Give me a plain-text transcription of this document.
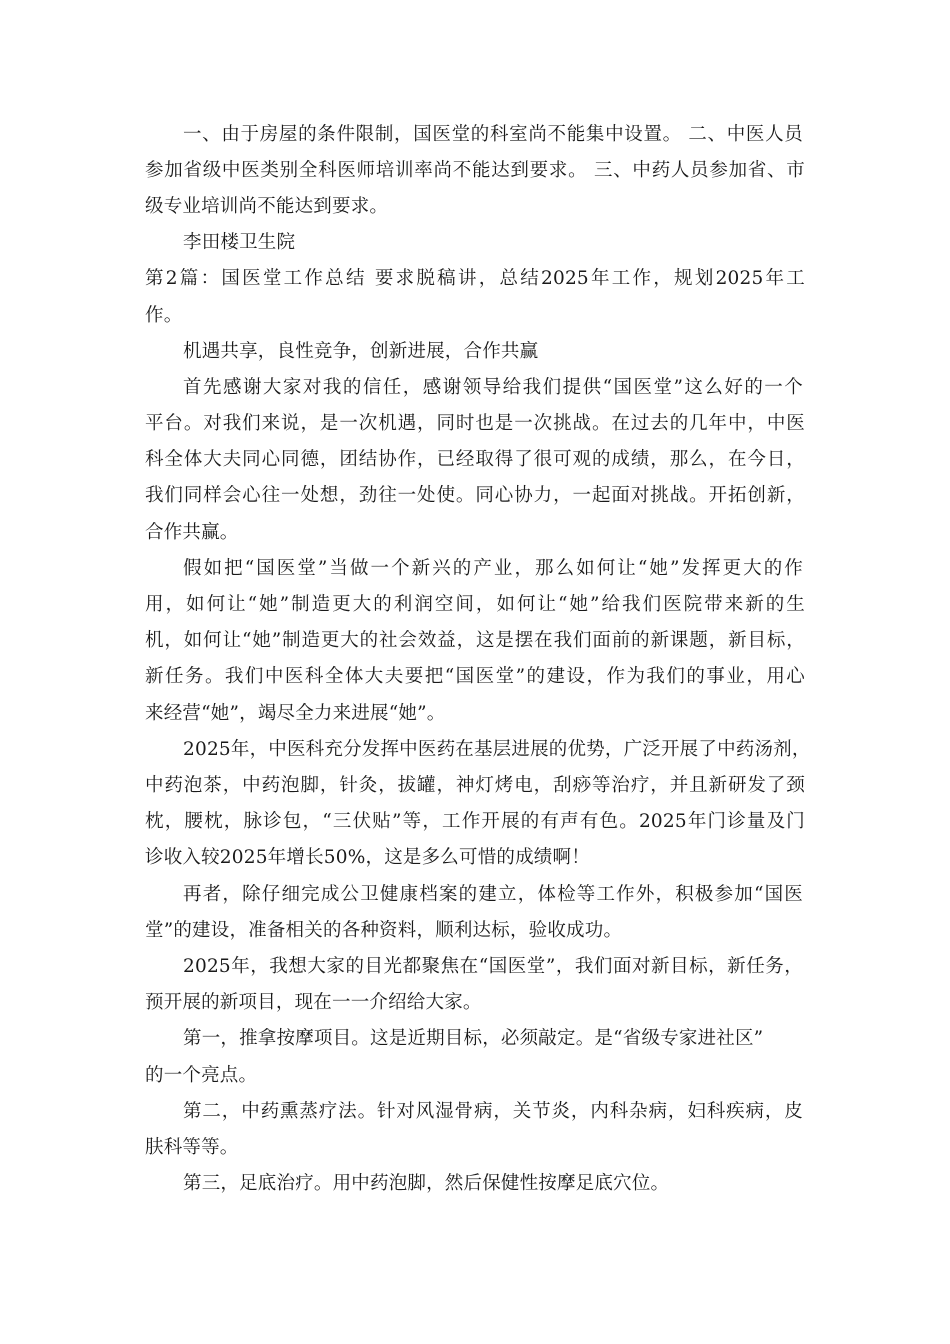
一、由于房屋的条件限制，国医堂的科室尚不能集中设置。 二、中医人员
参加省级中医类别全科医师培训率尚不能达到要求。 三、中药人员参加省、市
级专业培训尚不能达到要求。
李田楼卫生院
第2篇：国医堂工作总结 要求脱稿讲，总结2025年工作，规划2025年工
作。
机遇共享，良性竞争，创新进展，合作共赢
首先感谢大家对我的信任，感谢领导给我们提供“国医堂”这么好的一个
平台。对我们来说，是一次机遇，同时也是一次挑战。在过去的几年中，中医
科全体大夫同心同德，团结协作，已经取得了很可观的成绩，那么，在今日，
我们同样会心往一处想，劲往一处使。同心协力，一起面对挑战。开拓创新，
合作共赢。
假如把“国医堂”当做一个新兴的产业，那么如何让“她”发挥更大的作
用，如何让“她”制造更大的利润空间，如何让“她”给我们医院带来新的生
机，如何让“她”制造更大的社会效益，这是摆在我们面前的新课题，新目标，
新任务。我们中医科全体大夫要把“国医堂”的建设，作为我们的事业，用心
来经营“她”，竭尽全力来进展“她”。
2025年，中医科充分发挥中医药在基层进展的优势，广泛开展了中药汤剂，
中药泡茶，中药泡脚，针灸，拔罐，神灯烤电，刮痧等治疗，并且新研发了颈
枕，腰枕，脉诊包，“三伏贴”等，工作开展的有声有色。2025年门诊量及门
诊收入较2025年增长50%，这是多么可惜的成绩啊！
再者，除仔细完成公卫健康档案的建立，体检等工作外，积极参加“国医
堂”的建设，准备相关的各种资料，顺利达标，验收成功。
2025年，我想大家的目光都聚焦在“国医堂”，我们面对新目标，新任务，
预开展的新项目，现在一一介绍给大家。
第一，推拿按摩项目。这是近期目标，必须敲定。是“省级专家进社区”
的一个亮点。
第二，中药熏蒸疗法。针对风湿骨病，关节炎，内科杂病，妇科疾病，皮
肤科等等。
第三，足底治疗。用中药泡脚，然后保健性按摩足底穴位。
